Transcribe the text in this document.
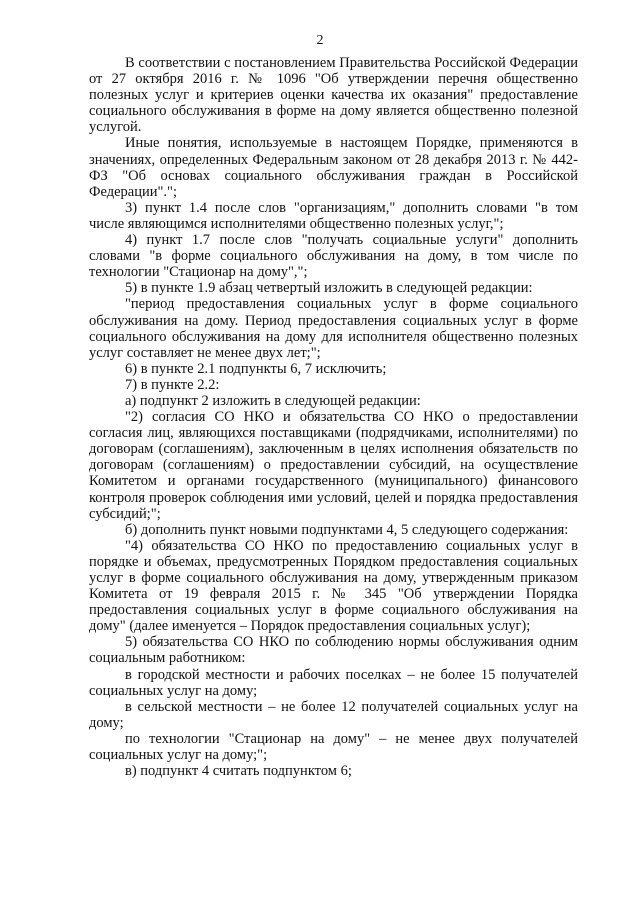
2

В соответствии с постановлением Правительства Российской Федерации от 27 октября 2016 г. № 1096 "Об утверждении перечня общественно полезных услуг и критериев оценки качества их оказания" предоставление социального обслуживания в форме на дому является общественно полезной услугой.

Иные понятия, используемые в настоящем Порядке, применяются в значениях, определенных Федеральным законом от 28 декабря 2013 г. № 442-ФЗ "Об основах социального обслуживания граждан в Российской Федерации".";

3) пункт 1.4 после слов "организациям," дополнить словами "в том числе являющимся исполнителями общественно полезных услуг,";

4) пункт 1.7 после слов "получать социальные услуги" дополнить словами "в форме социального обслуживания на дому, в том числе по технологии "Стационар на дому",";

5) в пункте 1.9 абзац четвертый изложить в следующей редакции:

"период предоставления социальных услуг в форме социального обслуживания на дому. Период предоставления социальных услуг в форме социального обслуживания на дому для исполнителя общественно полезных услуг составляет не менее двух лет;";

6) в пункте 2.1 подпункты 6, 7 исключить;

7) в пункте 2.2:

а) подпункт 2 изложить в следующей редакции:

"2) согласия СО НКО и обязательства СО НКО о предоставлении согласия лиц, являющихся поставщиками (подрядчиками, исполнителями) по договорам (соглашениям), заключенным в целях исполнения обязательств по договорам (соглашениям) о предоставлении субсидий, на осуществление Комитетом и органами государственного (муниципального) финансового контроля проверок соблюдения ими условий, целей и порядка предоставления субсидий;";

б) дополнить пункт новыми подпунктами 4, 5 следующего содержания:

"4) обязательства СО НКО по предоставлению социальных услуг в порядке и объемах, предусмотренных Порядком предоставления социальных услуг в форме социального обслуживания на дому, утвержденным приказом Комитета от 19 февраля 2015 г. № 345 "Об утверждении Порядка предоставления социальных услуг в форме социального обслуживания на дому" (далее именуется – Порядок предоставления социальных услуг);

5) обязательства СО НКО по соблюдению нормы обслуживания одним социальным работником:

в городской местности и рабочих поселках – не более 15 получателей социальных услуг на дому;

в сельской местности – не более 12 получателей социальных услуг на дому;

по технологии "Стационар на дому" – не менее двух получателей социальных услуг на дому;";

в) подпункт 4 считать подпунктом 6;
